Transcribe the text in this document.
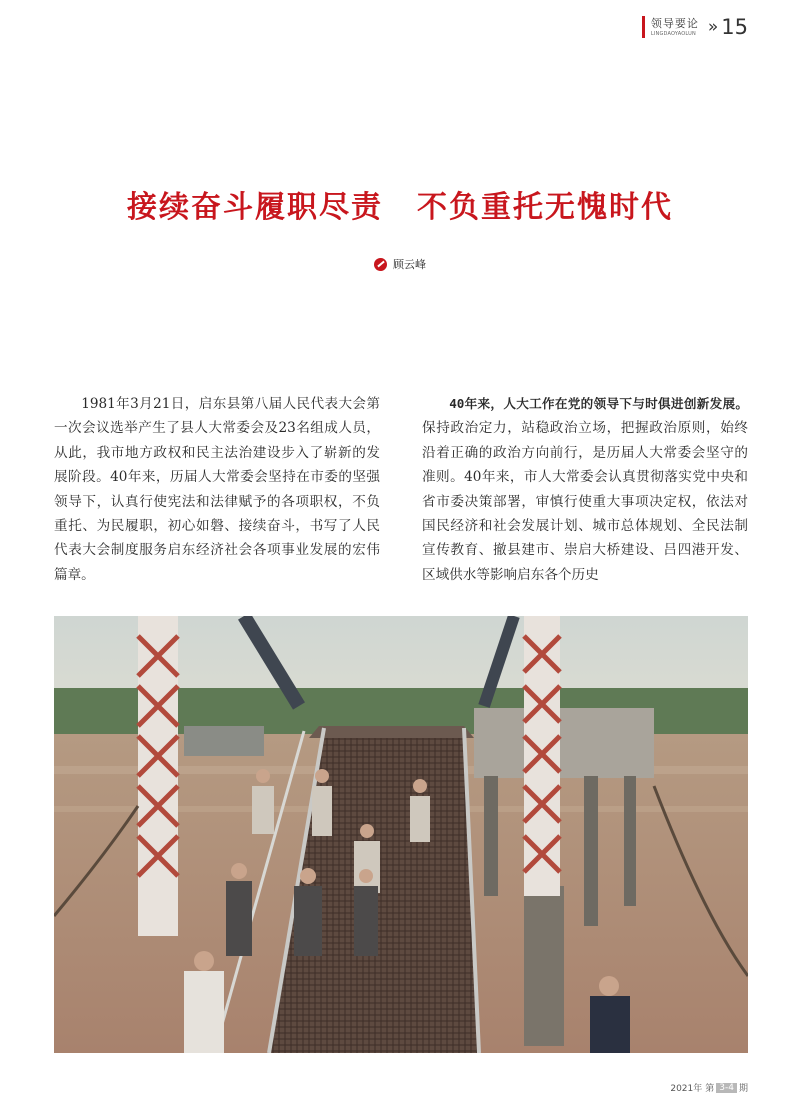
领导要论
LINGDAOYAOLUN » 15
接续奋斗履职尽责 不负重托无愧时代
顾云峰

1981年3月21日，启东县第八届人民代表大会第一次会议选举产生了县人大常委会及23名组成人员，从此，我市地方政权和民主法治建设步入了崭新的发展阶段。40年来，历届人大常委会坚持在市委的坚强领导下，认真行使宪法和法律赋予的各项职权，不负重托、为民履职，初心如磐、接续奋斗，书写了人民代表大会制度服务启东经济社会各项事业发展的宏伟篇章。

40年来，人大工作在党的领导下与时俱进创新发展。保持政治定力，站稳政治立场，把握政治原则，始终沿着正确的政治方向前行，是历届人大常委会坚守的准则。40年来，市人大常委会认真贯彻落实党中央和省市委决策部署，审慎行使重大事项决定权，依法对国民经济和社会发展计划、城市总体规划、全民法制宣传教育、撤县建市、崇启大桥建设、吕四港开发、区域供水等影响启东各个历史

2021年 第 3-4 期
